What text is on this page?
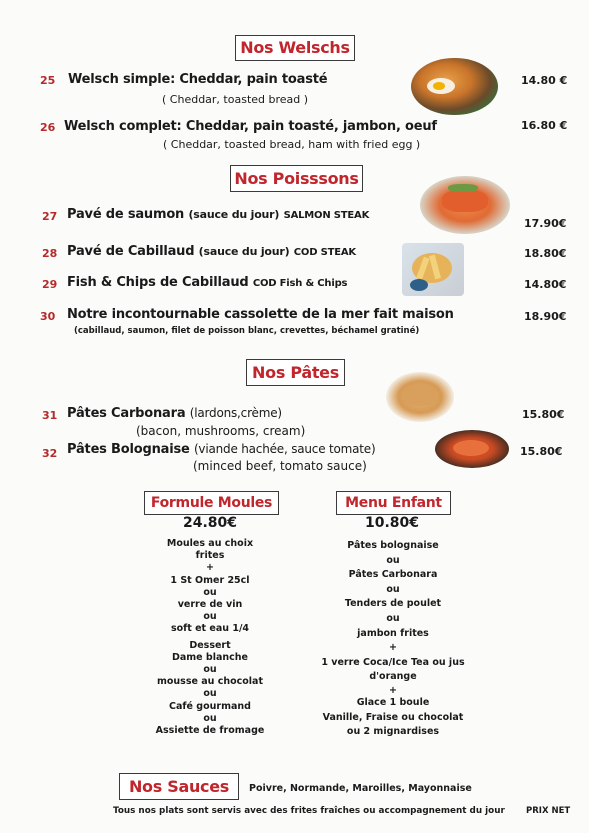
Nos Welschs
25 Welsch simple: Cheddar, pain toasté
( Cheddar, toasted bread )
14.80 €
26 Welsch complet: Cheddar, pain toasté, jambon, oeuf
( Cheddar, toasted bread, ham with fried egg )
16.80 €
Nos Poisssons
27 Pavé de saumon (sauce du jour) SALMON STEAK
17.90€
28 Pavé de Cabillaud (sauce du jour) COD STEAK	18.80€
29 Fish & Chips de Cabillaud COD Fish & Chips	14.80€
30 Notre incontournable cassolette de la mer fait maison
(cabillaud, saumon, filet de poisson blanc, crevettes, béchamel gratiné)
18.90€
Nos Pâtes
31 Pâtes Carbonara (lardons,crème)
(bacon, mushrooms, cream)
15.80€
32 Pâtes Bolognaise (viande hachée, sauce tomate)
(minced beef, tomato sauce)
15.80€
Formule Moules
24.80€
Moules au choix
frites
+
1 St Omer 25cl
ou
verre de vin
ou
soft et eau 1/4
Dessert
Dame blanche
ou
mousse au chocolat
ou
Café gourmand
ou
Assiette de fromage
Menu Enfant
10.80€
Pâtes bolognaise
ou
Pâtes Carbonara
ou
Tenders de poulet
ou
jambon frites
+
1 verre Coca/Ice Tea ou jus d'orange
+
Glace 1 boule
Vanille, Fraise ou chocolat
ou 2 mignardises
Nos Sauces	Poivre, Normande, Maroilles, Mayonnaise
Tous nos plats sont servis avec des frites fraîches ou accompagnement du jour PRIX NET
